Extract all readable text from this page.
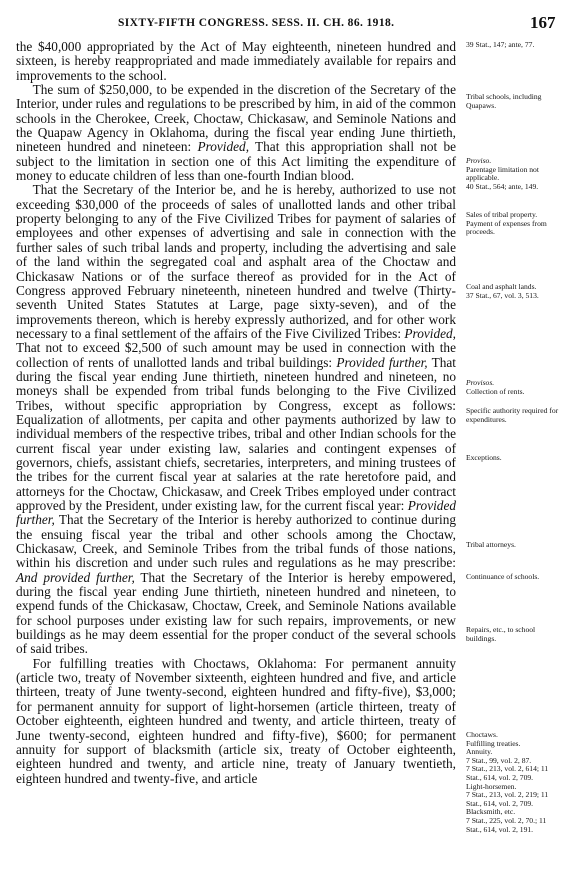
SIXTY-FIFTH CONGRESS. SESS. II. CH. 86. 1918.	167

the $40,000 appropriated by the Act of May eighteenth, nineteen hundred and sixteen, is hereby reappropriated and made immediately available for repairs and improvements to the school.

The sum of $250,000, to be expended in the discretion of the Secretary of the Interior, under rules and regulations to be prescribed by him, in aid of the common schools in the Cherokee, Creek, Choctaw, Chickasaw, and Seminole Nations and the Quapaw Agency in Oklahoma, during the fiscal year ending June thirtieth, nineteen hundred and nineteen: Provided, That this appropriation shall not be subject to the limitation in section one of this Act limiting the expenditure of money to educate children of less than one-fourth Indian blood.

That the Secretary of the Interior be, and he is hereby, authorized to use not exceeding $30,000 of the proceeds of sales of unallotted lands and other tribal property belonging to any of the Five Civilized Tribes for payment of salaries of employees and other expenses of advertising and sale in connection with the further sales of such tribal lands and property, including the advertising and sale of the land within the segregated coal and asphalt area of the Choctaw and Chickasaw Nations or of the surface thereof as provided for in the Act of Congress approved February nineteenth, nineteen hundred and twelve (Thirty-seventh United States Statutes at Large, page sixty-seven), and of the improvements thereon, which is hereby expressly authorized, and for other work necessary to a final settlement of the affairs of the Five Civilized Tribes: Provided, That not to exceed $2,500 of such amount may be used in connection with the collection of rents of unallotted lands and tribal buildings: Provided further, That during the fiscal year ending June thirtieth, nineteen hundred and nineteen, no moneys shall be expended from tribal funds belonging to the Five Civilized Tribes, without specific appropriation by Congress, except as follows: Equalization of allotments, per capita and other payments authorized by law to individual members of the respective tribes, tribal and other Indian schools for the current fiscal year under existing law, salaries and contingent expenses of governors, chiefs, assistant chiefs, secretaries, interpreters, and mining trustees of the tribes for the current fiscal year at salaries at the rate heretofore paid, and attorneys for the Choctaw, Chickasaw, and Creek Tribes employed under contract approved by the President, under existing law, for the current fiscal year: Provided further, That the Secretary of the Interior is hereby authorized to continue during the ensuing fiscal year the tribal and other schools among the Choctaw, Chickasaw, Creek, and Seminole Tribes from the tribal funds of those nations, within his discretion and under such rules and regulations as he may prescribe: And provided further, That the Secretary of the Interior is hereby empowered, during the fiscal year ending June thirtieth, nineteen hundred and nineteen, to expend funds of the Chickasaw, Choctaw, Creek, and Seminole Nations available for school purposes under existing law for such repairs, improvements, or new buildings as he may deem essential for the proper conduct of the several schools of said tribes.

For fulfilling treaties with Choctaws, Oklahoma: For permanent annuity (article two, treaty of November sixteenth, eighteen hundred and five, and article thirteen, treaty of June twenty-second, eighteen hundred and fifty-five), $3,000; for permanent annuity for support of light-horsemen (article thirteen, treaty of October eighteenth, eighteen hundred and twenty, and article thirteen, treaty of June twenty-second, eighteen hundred and fifty-five), $600; for permanent annuity for support of blacksmith (article six, treaty of October eighteenth, eighteen hundred and twenty, and article nine, treaty of January twentieth, eighteen hundred and twenty-five, and article

39 Stat., 147; ante, 77.
Tribal schools, including Quapaws.
Proviso.
Parentage limitation not applicable.
40 Stat., 564; ante, 149.
Sales of tribal property.
Payment of expenses from proceeds.
Coal and asphalt lands.
37 Stat., 67, vol. 3, 513.
Provisos.
Collection of rents.
Specific authority required for expenditures.
Exceptions.
Tribal attorneys.
Continuance of schools.
Repairs, etc., to school buildings.
Choctaws.
Fulfilling treaties.
Annuity.
7 Stat., 99, vol. 2, 87.
7 Stat., 213, vol. 2, 614; 11 Stat., 614, vol. 2, 709.
Light-horsemen.
7 Stat., 213, vol. 2, 219; 11 Stat., 614, vol. 2, 709.
Blacksmith, etc.
7 Stat., 225, vol. 2, 70.; 11 Stat., 614, vol. 2, 191.
